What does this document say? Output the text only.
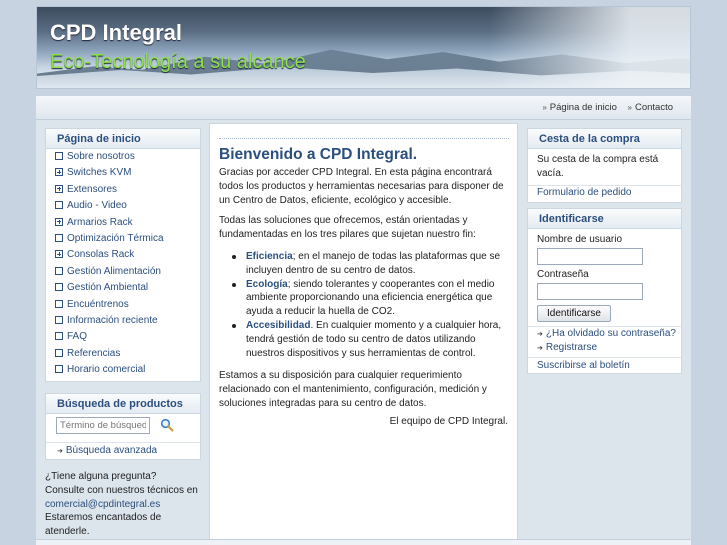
CPD Integral
Eco-Tecnología a su alcance
» Página de inicio » Contacto
Página de inicio
Sobre nosotros
Switches KVM
Extensores
Audio - Video
Armarios Rack
Optimización Térmica
Consolas Rack
Gestión Alimentación
Gestión Ambiental
Encuéntrenos
Información reciente
FAQ
Referencias
Horario comercial
Búsqueda de productos
Término de búsqueda
➔ Búsqueda avanzada
¿Tiene alguna pregunta?
Consulte con nuestros técnicos en
comercial@cpdintegral.es
Estaremos encantados de atenderle.
Bienvenido a CPD Integral.
Gracias por acceder CPD Integral. En esta página encontrará todos los productos y herramientas necesarias para disponer de un Centro de Datos, eficiente, ecológico y accesible.
Todas las soluciones que ofrecemos, están orientadas y fundamentadas en los tres pilares que sujetan nuestro fin:
Eficiencia; en el manejo de todas las plataformas que se incluyen dentro de su centro de datos.
Ecología; siendo tolerantes y cooperantes con el medio ambiente proporcionando una eficiencia energética que ayuda a reducir la huella de CO2.
Accesibilidad. En cualquier momento y a cualquier hora, tendrá gestión de todo su centro de datos utilizando nuestros dispositivos y sus herramientas de control.
Estamos a su disposición para cualquier requerimiento relacionado con el mantenimiento, configuración, medición y soluciones integradas para su centro de datos.
El equipo de CPD Integral.
Cesta de la compra
Su cesta de la compra está vacía.
Formulario de pedido
Identificarse
Nombre de usuario
Contraseña
Identificarse
➔ ¿Ha olvidado su contraseña?
➔ Registrarse
Suscribirse al boletín
